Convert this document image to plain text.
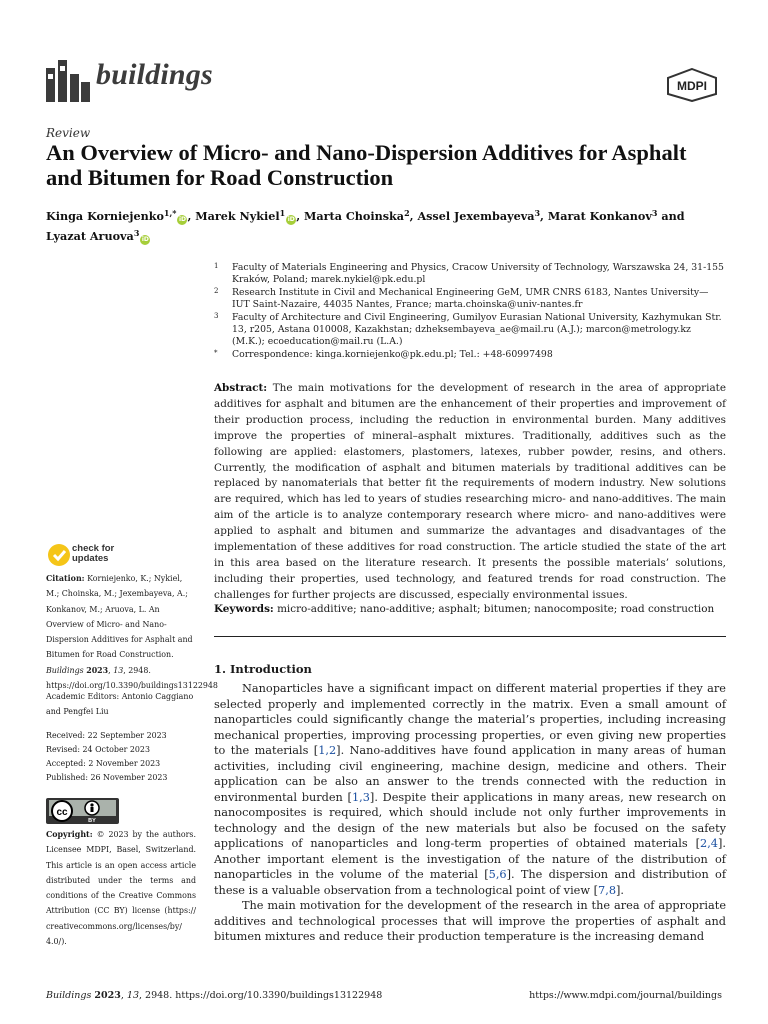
buildings	MDPI
Review
An Overview of Micro- and Nano-Dispersion Additives for Asphalt and Bitumen for Road Construction
Kinga Korniejenko$^{1,*}$iD, Marek Nykiel$^1$iD, Marta Choinska$^2$, Assel Jexembayeva$^3$, Marat Konkanov$^3$ and Lyazat Aruova$^3$iD
1 Faculty of Materials Engineering and Physics, Cracow University of Technology, Warszawska 24, 31-155 Kraków, Poland; marek.nykiel@pk.edu.pl
2 Research Institute in Civil and Mechanical Engineering GeM, UMR CNRS 6183, Nantes University—IUT Saint-Nazaire, 44035 Nantes, France; marta.choinska@univ-nantes.fr
3 Faculty of Architecture and Civil Engineering, Gumilyov Eurasian National University, Kazhymukan Str. 13, r205, Astana 010008, Kazakhstan; dzheksembayeva_ae@mail.ru (A.J.); marcon@metrology.kz (M.K.); ecoeducation@mail.ru (L.A.)
* Correspondence: kinga.korniejenko@pk.edu.pl; Tel.: +48-60997498
Abstract: The main motivations for the development of research in the area of appropriate additives for asphalt and bitumen are the enhancement of their properties and improvement of their production process, including the reduction in environmental burden. Many additives improve the properties of mineral–asphalt mixtures. Traditionally, additives such as the following are applied: elastomers, plastomers, latexes, rubber powder, resins, and others. Currently, the modification of asphalt and bitumen materials by traditional additives can be replaced by nanomaterials that better fit the requirements of modern industry. New solutions are required, which has led to years of studies researching micro- and nano-additives. The main aim of the article is to analyze contemporary research where micro- and nano-additives were applied to asphalt and bitumen and summarize the advantages and disadvantages of the implementation of these additives for road construction. The article studied the state of the art in this area based on the literature research. It presents the possible materials’ solutions, including their properties, used technology, and featured trends for road construction. The challenges for further projects are discussed, especially environmental issues.
Keywords: micro-additive; nano-additive; asphalt; bitumen; nanocomposite; road construction
1. Introduction

Nanoparticles have a significant impact on different material properties if they are selected properly and implemented correctly in the matrix. Even a small amount of nanoparticles could significantly change the material’s properties, including increasing mechanical properties, improving processing properties, or even giving new properties to the materials [1,2]. Nano-additives have found application in many areas of human activities, including civil engineering, machine design, medicine and others. Their application can be also an answer to the trends connected with the reduction in environmental burden [1,3]. Despite their applications in many areas, new research on nanocomposites is required, which should include not only further improvements in technology and the design of the new materials but also be focused on the safety applications of nanoparticles and long-term properties of obtained materials [2,4]. Another important element is the investigation of the nature of the distribution of nanoparticles in the volume of the material [5,6]. The dispersion and distribution of these is a valuable observation from a technological point of view [7,8].

The main motivation for the development of the research in the area of appropriate additives and technological processes that will improve the properties of asphalt and bitumen mixtures and reduce their production temperature is the increasing demand

check for updates
Citation: Korniejenko, K.; Nykiel, M.; Choinska, M.; Jexembayeva, A.; Konkanov, M.; Aruova, L. An Overview of Micro- and Nano-Dispersion Additives for Asphalt and Bitumen for Road Construction. Buildings 2023, 13, 2948. https://doi.org/10.3390/buildings13122948
Academic Editors: Antonio Caggiano and Pengfei Liu
Received: 22 September 2023
Revised: 24 October 2023
Accepted: 2 November 2023
Published: 26 November 2023
cc
BY
Copyright: © 2023 by the authors. Licensee MDPI, Basel, Switzerland. This article is an open access article distributed under the terms and conditions of the Creative Commons Attribution (CC BY) license (https:// creativecommons.org/licenses/by/ 4.0/).
Buildings 2023, 13, 2948. https://doi.org/10.3390/buildings13122948	https://www.mdpi.com/journal/buildings
